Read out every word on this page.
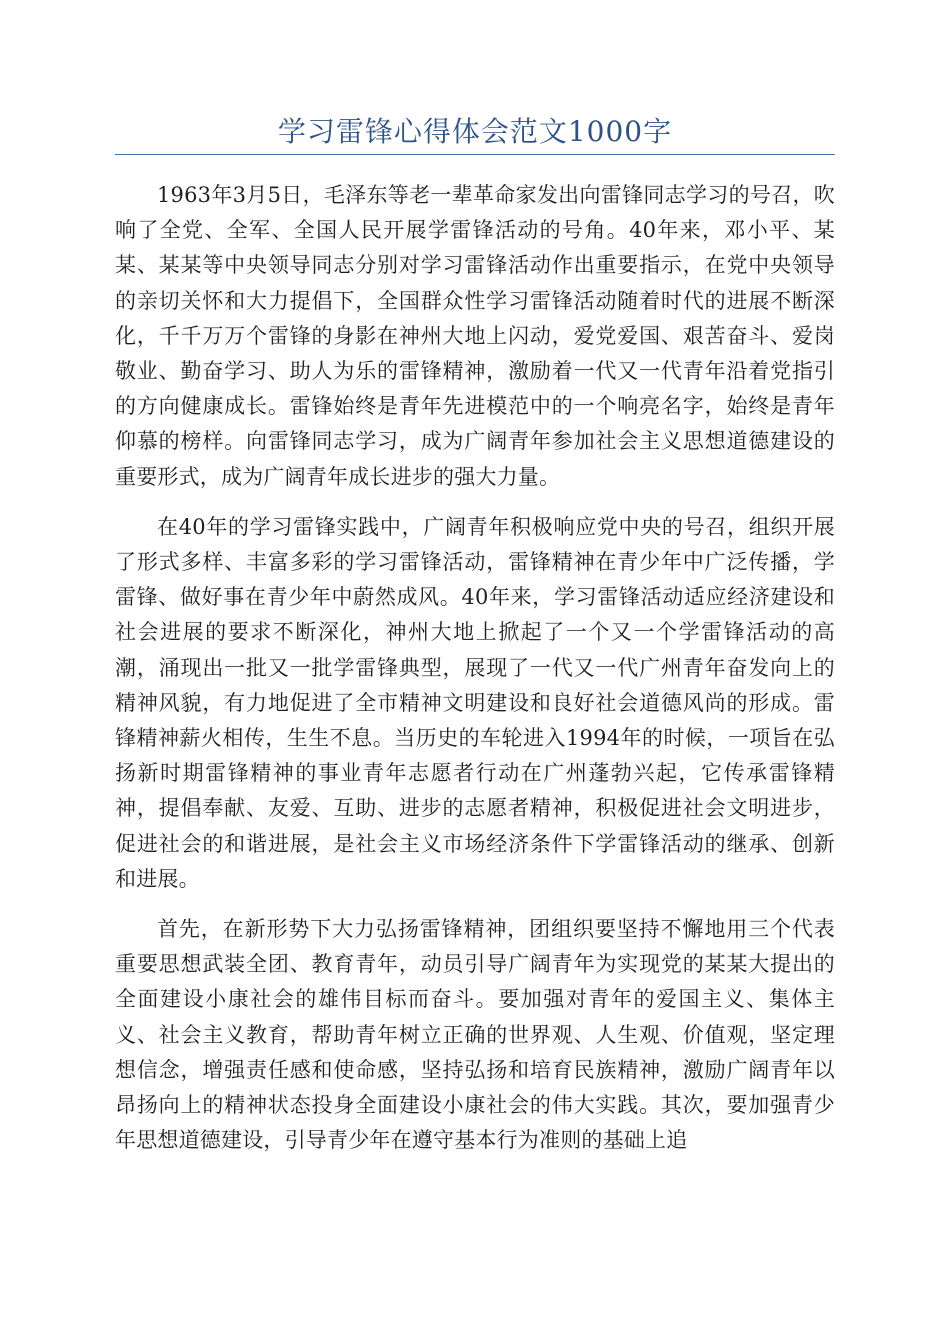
学习雷锋心得体会范文1000字

1963年3月5日，毛泽东等老一辈革命家发出向雷锋同志学习的号召，吹响了全党、全军、全国人民开展学雷锋活动的号角。40年来，邓小平、某某、某某等中央领导同志分别对学习雷锋活动作出重要指示，在党中央领导的亲切关怀和大力提倡下，全国群众性学习雷锋活动随着时代的进展不断深化，千千万万个雷锋的身影在神州大地上闪动，爱党爱国、艰苦奋斗、爱岗敬业、勤奋学习、助人为乐的雷锋精神，激励着一代又一代青年沿着党指引的方向健康成长。雷锋始终是青年先进模范中的一个响亮名字，始终是青年仰慕的榜样。向雷锋同志学习，成为广阔青年参加社会主义思想道德建设的重要形式，成为广阔青年成长进步的强大力量。

在40年的学习雷锋实践中，广阔青年积极响应党中央的号召，组织开展了形式多样、丰富多彩的学习雷锋活动，雷锋精神在青少年中广泛传播，学雷锋、做好事在青少年中蔚然成风。40年来，学习雷锋活动适应经济建设和社会进展的要求不断深化，神州大地上掀起了一个又一个学雷锋活动的高潮，涌现出一批又一批学雷锋典型，展现了一代又一代广州青年奋发向上的精神风貌，有力地促进了全市精神文明建设和良好社会道德风尚的形成。雷锋精神薪火相传，生生不息。当历史的车轮进入1994年的时候，一项旨在弘扬新时期雷锋精神的事业青年志愿者行动在广州蓬勃兴起，它传承雷锋精神，提倡奉献、友爱、互助、进步的志愿者精神，积极促进社会文明进步，促进社会的和谐进展，是社会主义市场经济条件下学雷锋活动的继承、创新和进展。

首先，在新形势下大力弘扬雷锋精神，团组织要坚持不懈地用三个代表重要思想武装全团、教育青年，动员引导广阔青年为实现党的某某大提出的全面建设小康社会的雄伟目标而奋斗。要加强对青年的爱国主义、集体主义、社会主义教育，帮助青年树立正确的世界观、人生观、价值观，坚定理想信念，增强责任感和使命感，坚持弘扬和培育民族精神，激励广阔青年以昂扬向上的精神状态投身全面建设小康社会的伟大实践。其次，要加强青少年思想道德建设，引导青少年在遵守基本行为准则的基础上追
